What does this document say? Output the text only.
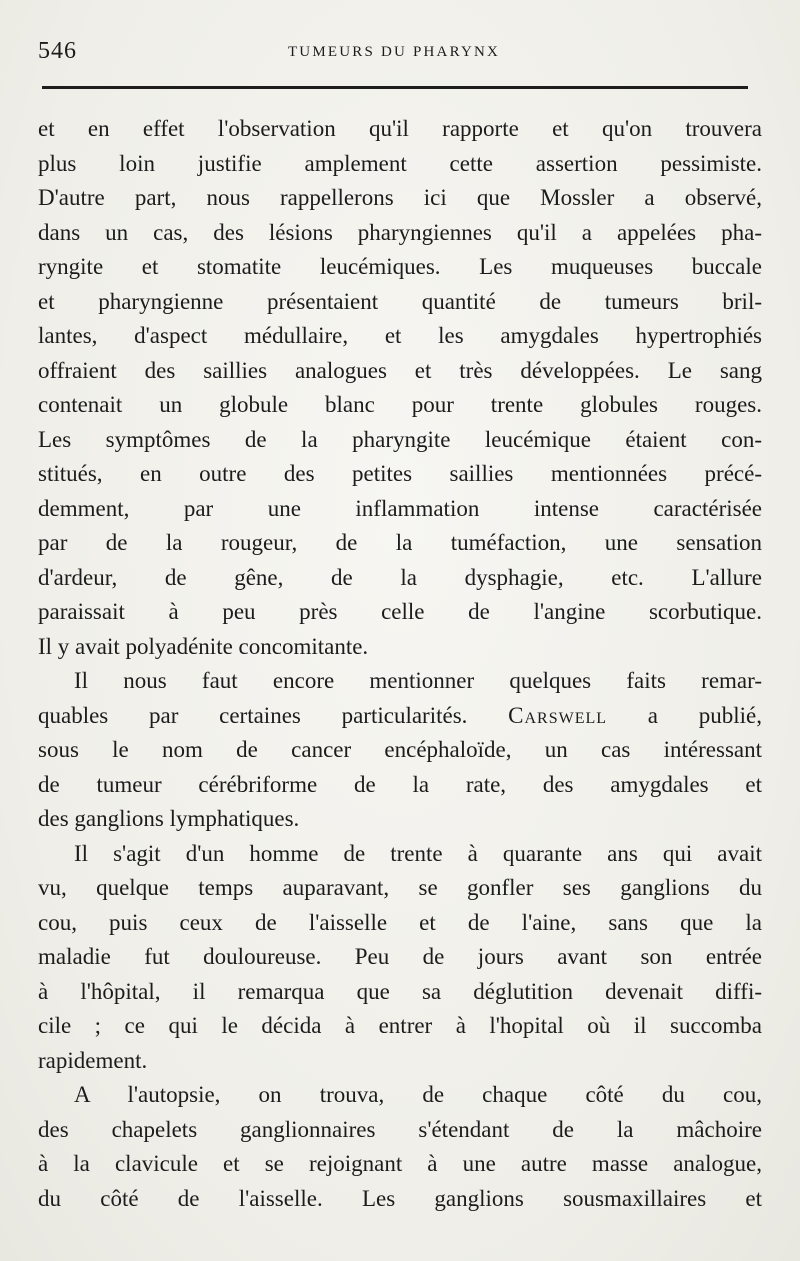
546	TUMEURS DU PHARYNX
et en effet l'observation qu'il rapporte et qu'on trouvera
plus loin justifie amplement cette assertion pessimiste.
D'autre part, nous rappellerons ici que Mossler a observé,
dans un cas, des lésions pharyngiennes qu'il a appelées pha-
ryngite et stomatite leucémiques. Les muqueuses buccale
et pharyngienne présentaient quantité de tumeurs bril-
lantes, d'aspect médullaire, et les amygdales hypertrophiés
offraient des saillies analogues et très développées. Le sang
contenait un globule blanc pour trente globules rouges.
Les symptômes de la pharyngite leucémique étaient con-
stitués, en outre des petites saillies mentionnées précé-
demment, par une inflammation intense caractérisée
par de la rougeur, de la tuméfaction, une sensation
d'ardeur, de gêne, de la dysphagie, etc. L'allure
paraissait à peu près celle de l'angine scorbutique.
Il y avait polyadénite concomitante.
Il nous faut encore mentionner quelques faits remar-
quables par certaines particularités. Carswell a publié,
sous le nom de cancer encéphaloïde, un cas intéressant
de tumeur cérébriforme de la rate, des amygdales et
des ganglions lymphatiques.
Il s'agit d'un homme de trente à quarante ans qui avait
vu, quelque temps auparavant, se gonfler ses ganglions du
cou, puis ceux de l'aisselle et de l'aine, sans que la
maladie fut douloureuse. Peu de jours avant son entrée
à l'hôpital, il remarqua que sa déglutition devenait diffi-
cile ; ce qui le décida à entrer à l'hopital où il succomba
rapidement.
A l'autopsie, on trouva, de chaque côté du cou,
des chapelets ganglionnaires s'étendant de la mâchoire
à la clavicule et se rejoignant à une autre masse analogue,
du côté de l'aisselle. Les ganglions sousmaxillaires et
